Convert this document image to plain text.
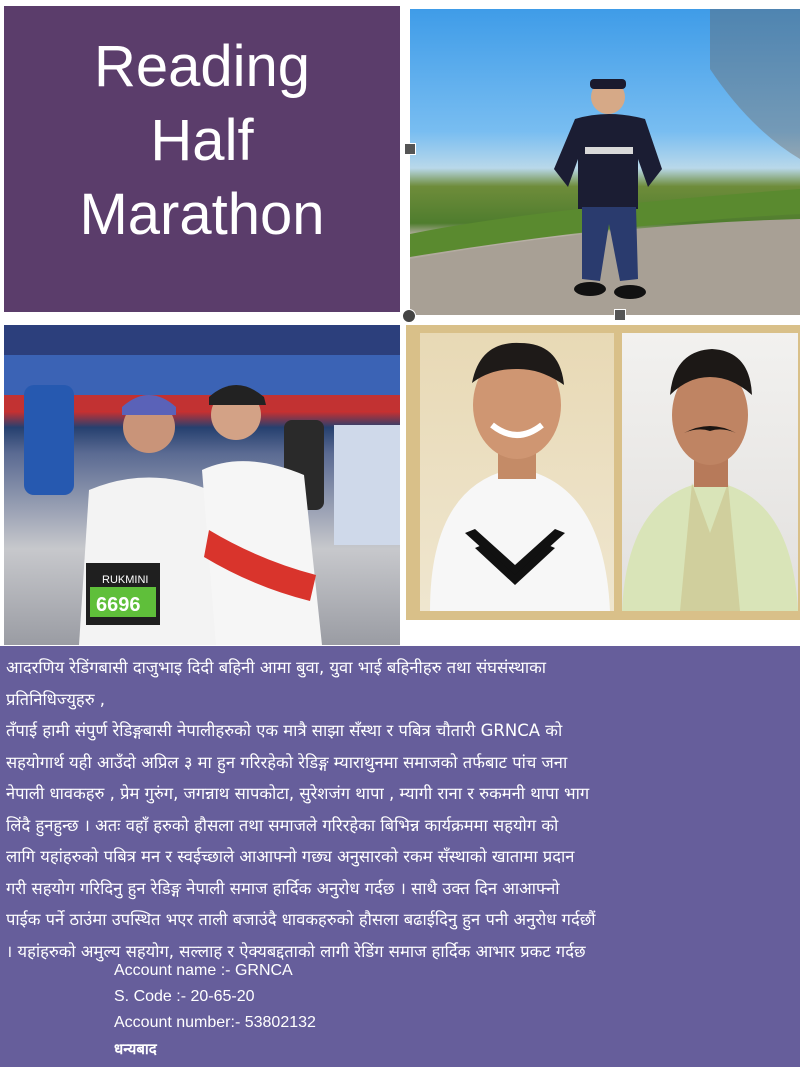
Reading
Half
Marathon
RUKMINI
6696

आदरणिय रेडिंगबासी दाजुभाइ दिदी बहिनी आमा बुवा, युवा भाई बहिनीहरु तथा संघसंस्थाका

प्रतिनिधिज्युहरु ,

तँपाई हामी संपुर्ण रेडिङ्गबासी नेपालीहरुको एक मात्रै साझा सँस्था र पबित्र चौतारी GRNCA को

सहयोगार्थ यही आउँदो अप्रिल ३ मा हुन गरिरहेको रेडिङ्ग म्याराथुनमा समाजको तर्फबाट पांच जना

नेपाली धावकहरु , प्रेम गुरुंग, जगन्नाथ सापकोटा, सुरेशजंग थापा , म्यागी राना र रुकमनी थापा भाग

लिंदै हुनहुन्छ । अतः वहाँ हरुको हौसला तथा समाजले गरिरहेका बिभिन्न कार्यक्रममा सहयोग को

लागि यहांहरुको पबित्र मन र स्वईच्छाले आआफ्नो गछ्य अनुसारको रकम सँस्थाको खातामा प्रदान

गरी सहयोग गरिदिनु हुन रेडिङ्ग नेपाली समाज हार्दिक अनुरोध गर्दछ । साथै उक्त दिन आआफ्नो

पाईक पर्ने ठाउंमा उपस्थित भएर ताली बजाउंदै धावकहरुको हौसला बढाईदिनु हुन पनी अनुरोध गर्दछौं

। यहांहरुको अमुल्य सहयोग, सल्लाह र ऐक्यबद्दताको लागी रेडिंग समाज हार्दिक आभार प्रकट गर्दछ

Account name :- GRNCA
S. Code :- 20-65-20
Account number:- 53802132
धन्यबाद
